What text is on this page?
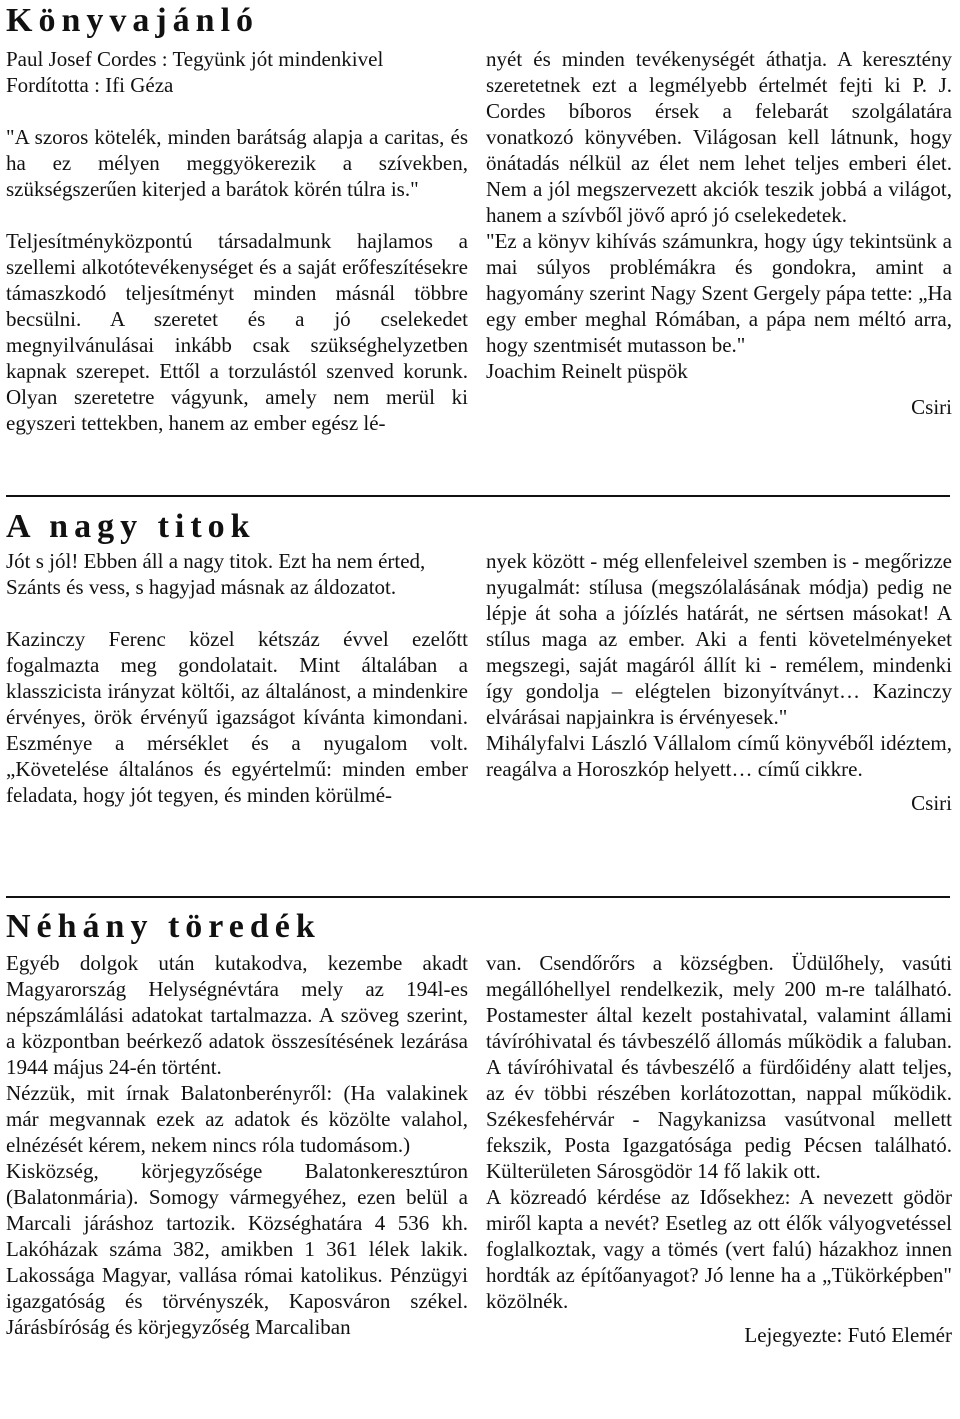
Könyvajánló

Paul Josef Cordes : Tegyünk jót mindenkivel

Fordította : Ifi Géza

"A szoros kötelék, minden barátság alapja a caritas, és ha ez mélyen meggyökerezik a szívekben, szükségszerűen kiterjed a barátok körén túlra is."

Teljesítményközpontú társadalmunk hajlamos a szellemi alkotótevékenységet és a saját erőfeszítésekre támaszkodó teljesítményt minden másnál többre becsülni. A szeretet és a jó cselekedet megnyilvánulásai inkább csak szükséghelyzetben kapnak szerepet. Ettől a torzulástól szenved korunk. Olyan szeretetre vágyunk, amely nem merül ki egyszeri tettekben, hanem az ember egész lé-

nyét és minden tevékenységét áthatja. A keresztény szeretetnek ezt a legmélyebb értelmét fejti ki P. J. Cordes bíboros érsek a felebarát szolgálatára vonatkozó könyvében. Világosan kell látnunk, hogy önátadás nélkül az élet nem lehet teljes emberi élet. Nem a jól megszervezett akciók teszik jobbá a világot, hanem a szívből jövő apró jó cselekedetek.

"Ez a könyv kihívás számunkra, hogy úgy tekintsünk a mai súlyos problémákra és gondokra, amint a hagyomány szerint Nagy Szent Gergely pápa tette: „Ha egy ember meghal Rómában, a pápa nem méltó arra, hogy szentmisét mutasson be."

Joachim Reinelt püspök

Csiri

A nagy titok

Jót s jól! Ebben áll a nagy titok. Ezt ha nem érted,

Szánts és vess, s hagyjad másnak az áldozatot.

Kazinczy Ferenc közel kétszáz évvel ezelőtt fogalmazta meg gondolatait. Mint általában a klasszicista irányzat költői, az általánost, a mindenkire érvényes, örök érvényű igazságot kívánta kimondani. Eszménye a mérséklet és a nyugalom volt. „Követelése általános és egyértelmű: minden ember feladata, hogy jót tegyen, és minden körülmé-

nyek között - még ellenfeleivel szemben is - megőrizze nyugalmát: stílusa (megszólalásának módja) pedig ne lépje át soha a jóízlés határát, ne sértsen másokat! A stílus maga az ember. Aki a fenti követelményeket megszegi, saját magáról állít ki - remélem, mindenki így gondolja – elégtelen bizonyítványt… Kazinczy elvárásai napjainkra is érvényesek."

Mihályfalvi László Vállalom című könyvéből idéztem, reagálva a Horoszkóp helyett… című cikkre.

Csiri

Néhány töredék

Egyéb dolgok után kutakodva, kezembe akadt Magyarország Helységnévtára mely az 194l-es népszámlálási adatokat tartalmazza. A szöveg szerint, a központban beérkező adatok összesítésének lezárása 1944 május 24-én történt.

Nézzük, mit írnak Balatonberényről: (Ha valakinek már megvannak ezek az adatok és közölte valahol, elnézését kérem, nekem nincs róla tudomásom.)

Kisközség, körjegyzősége Balatonkeresztúron (Balatonmária). Somogy vármegyéhez, ezen belül a Marcali járáshoz tartozik. Községhatára 4 536 kh. Lakóházak száma 382, amikben 1 361 lélek lakik. Lakossága Magyar, vallása római katolikus. Pénzügyi igazgatóság és törvényszék, Kaposváron székel. Járásbíróság és körjegyzőség Marcaliban

van. Csendőrőrs a községben. Üdülőhely, vasúti megállóhellyel rendelkezik, mely 200 m-re található. Postamester által kezelt postahivatal, valamint állami távíróhivatal és távbeszélő állomás működik a faluban. A távíróhivatal és távbeszélő a fürdőidény alatt teljes, az év többi részében korlátozottan, nappal működik. Székesfehérvár - Nagykanizsa vasútvonal mellett fekszik, Posta Igazgatósága pedig Pécsen található. Külterületen Sárosgödör 14 fő lakik ott.

A közreadó kérdése az Idősekhez: A nevezett gödör miről kapta a nevét? Esetleg az ott élők vályogvetéssel foglalkoztak, vagy a tömés (vert falú) házakhoz innen hordták az építőanyagot? Jó lenne ha a „Tükörképben" közölnék.

Lejegyezte: Futó Elemér
